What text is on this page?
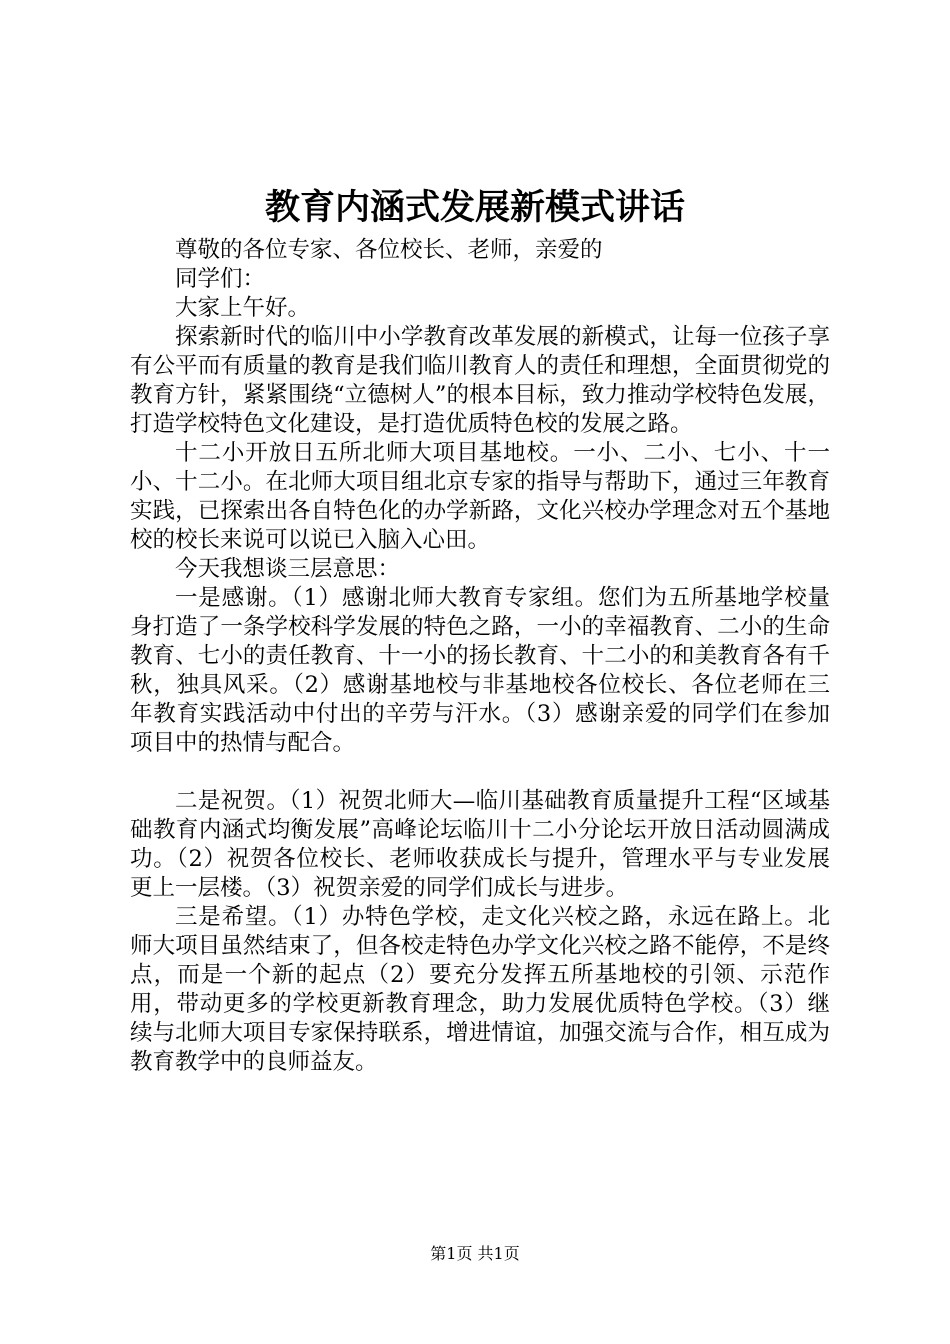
教育内涵式发展新模式讲话

尊敬的各位专家、各位校长、老师，亲爱的

同学们：

大家上午好。

探索新时代的临川中小学教育改革发展的新模式，让每一位孩子享有公平而有质量的教育是我们临川教育人的责任和理想，全面贯彻党的教育方针，紧紧围绕“立德树人”的根本目标，致力推动学校特色发展，打造学校特色文化建设，是打造优质特色校的发展之路。

十二小开放日五所北师大项目基地校。一小、二小、七小、十一小、十二小。在北师大项目组北京专家的指导与帮助下，通过三年教育实践，已探索出各自特色化的办学新路，文化兴校办学理念对五个基地校的校长来说可以说已入脑入心田。

今天我想谈三层意思：

一是感谢。（1）感谢北师大教育专家组。您们为五所基地学校量身打造了一条学校科学发展的特色之路，一小的幸福教育、二小的生命教育、七小的责任教育、十一小的扬长教育、十二小的和美教育各有千秋，独具风采。（2）感谢基地校与非基地校各位校长、各位老师在三年教育实践活动中付出的辛劳与汗水。（3）感谢亲爱的同学们在参加项目中的热情与配合。

二是祝贺。（1）祝贺北师大—临川基础教育质量提升工程“区域基础教育内涵式均衡发展”高峰论坛临川十二小分论坛开放日活动圆满成功。（2）祝贺各位校长、老师收获成长与提升，管理水平与专业发展更上一层楼。（3）祝贺亲爱的同学们成长与进步。

三是希望。（1）办特色学校，走文化兴校之路，永远在路上。北师大项目虽然结束了，但各校走特色办学文化兴校之路不能停，不是终点，而是一个新的起点（2）要充分发挥五所基地校的引领、示范作用，带动更多的学校更新教育理念，助力发展优质特色学校。（3）继续与北师大项目专家保持联系，增进情谊，加强交流与合作，相互成为教育教学中的良师益友。

第1页 共1页
